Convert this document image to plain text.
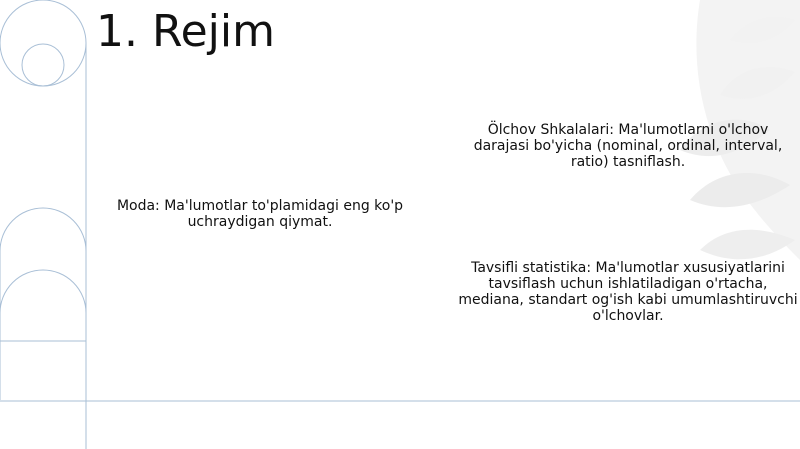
1. Rejim

Moda: Ma'lumotlar to'plamidagi eng ko'p uchraydigan qiymat.

Ölchov Shkalalari: Ma'lumotlarni o'lchov darajasi bo'yicha (nominal, ordinal, interval, ratio) tasniflash.

Tavsifli statistika: Ma'lumotlar xususiyatlarini tavsiflash uchun ishlatiladigan o'rtacha, mediana, standart og'ish kabi umumlashtiruvchi o'lchovlar.
